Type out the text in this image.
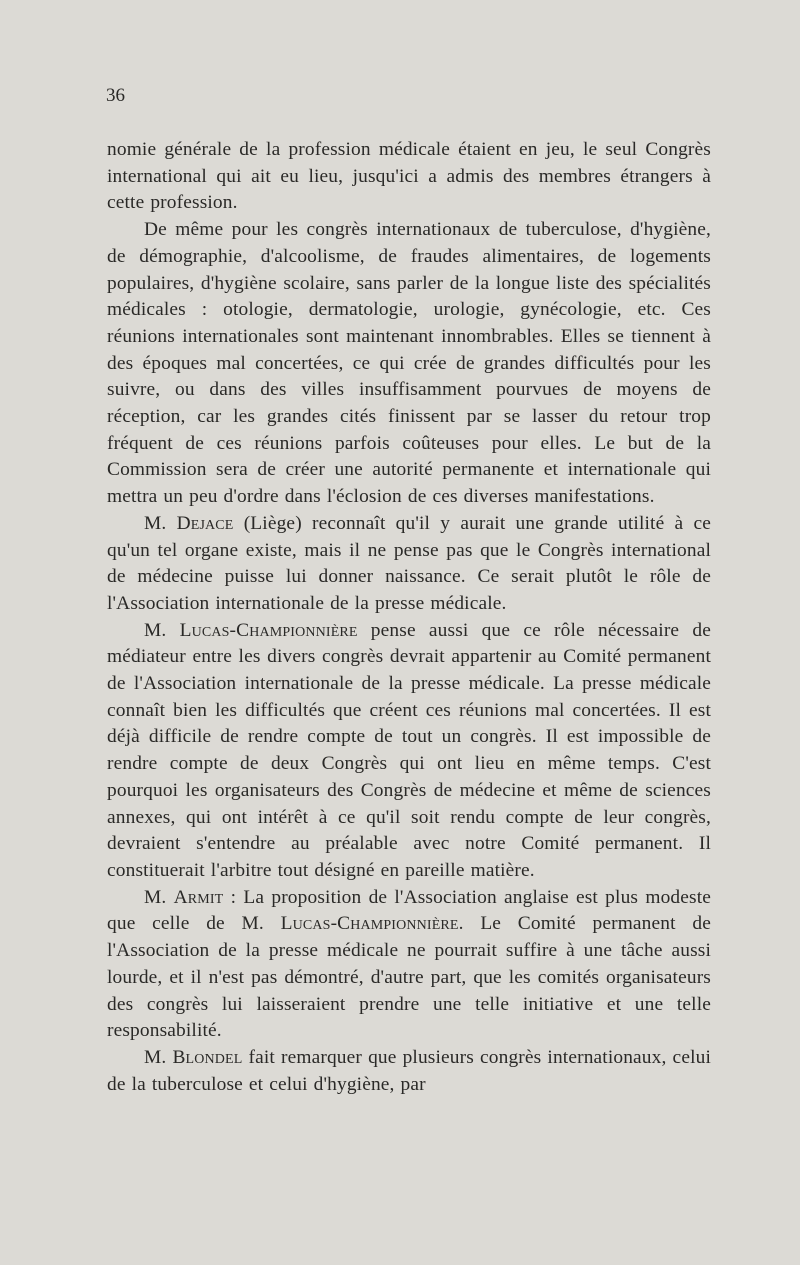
36

nomie générale de la profession médicale étaient en jeu, le seul Congrès international qui ait eu lieu, jusqu'ici a admis des membres étrangers à cette profession.

De même pour les congrès internationaux de tuberculose, d'hygiène, de démographie, d'alcoolisme, de fraudes alimentaires, de logements populaires, d'hygiène scolaire, sans parler de la longue liste des spécialités médicales : otologie, dermatologie, urologie, gynécologie, etc. Ces réunions internationales sont maintenant innombrables. Elles se tiennent à des époques mal concertées, ce qui crée de grandes difficultés pour les suivre, ou dans des villes insuffisamment pourvues de moyens de réception, car les grandes cités finissent par se lasser du retour trop fréquent de ces réunions parfois coûteuses pour elles. Le but de la Commission sera de créer une autorité permanente et internationale qui mettra un peu d'ordre dans l'éclosion de ces diverses manifestations.

M. Dejace (Liège) reconnaît qu'il y aurait une grande utilité à ce qu'un tel organe existe, mais il ne pense pas que le Congrès international de médecine puisse lui donner naissance. Ce serait plutôt le rôle de l'Association internationale de la presse médicale.

M. Lucas-Championnière pense aussi que ce rôle nécessaire de médiateur entre les divers congrès devrait appartenir au Comité permanent de l'Association internationale de la presse médicale. La presse médicale connaît bien les difficultés que créent ces réunions mal concertées. Il est déjà difficile de rendre compte de tout un congrès. Il est impossible de rendre compte de deux Congrès qui ont lieu en même temps. C'est pourquoi les organisateurs des Congrès de médecine et même de sciences annexes, qui ont intérêt à ce qu'il soit rendu compte de leur congrès, devraient s'entendre au préalable avec notre Comité permanent. Il constituerait l'arbitre tout désigné en pareille matière.

M. Armit : La proposition de l'Association anglaise est plus modeste que celle de M. Lucas-Championnière. Le Comité permanent de l'Association de la presse médicale ne pourrait suffire à une tâche aussi lourde, et il n'est pas démontré, d'autre part, que les comités organisateurs des congrès lui laisseraient prendre une telle initiative et une telle responsabilité.

M. Blondel fait remarquer que plusieurs congrès internationaux, celui de la tuberculose et celui d'hygiène, par
